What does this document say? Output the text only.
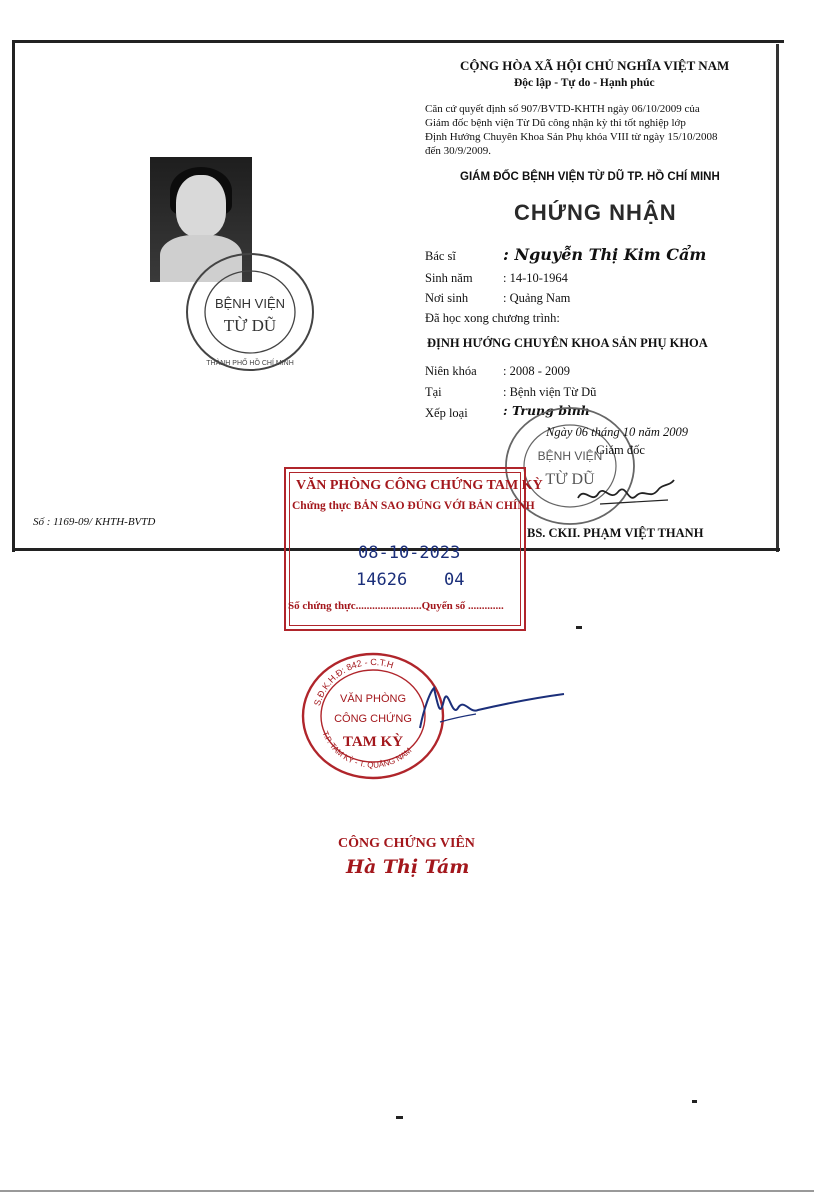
CỘNG HÒA XÃ HỘI CHỦ NGHĨA VIỆT NAM
Độc lập - Tự do - Hạnh phúc
Căn cứ quyết định số 907/BVTD-KHTH ngày 06/10/2009 của
Giám đốc bệnh viện Từ Dũ công nhận kỳ thi tốt nghiệp lớp
Định Hướng Chuyên Khoa Sản Phụ khóa VIII từ ngày 15/10/2008
đến 30/9/2009.
GIÁM ĐỐC BỆNH VIỆN TỪ DŨ TP. HỒ CHÍ MINH
CHỨNG NHẬN
BỆNH VIỆN
TỪ DŨ
THÀNH PHỐ HỒ CHÍ MINH
Bác sĩ	: Nguyễn Thị Kim Cẩm
Sinh năm : 14-10-1964
Nơi sinh	: Quảng Nam
Đã học xong chương trình:
ĐỊNH HƯỚNG CHUYÊN KHOA SẢN PHỤ KHOA
Niên khóa : 2008 - 2009
Tại	: Bệnh viện Từ Dũ
Xếp loại	: Trung bình
BỆNH VIỆN
TỪ DŨ
Ngày 06 tháng 10 năm 2009
Giám đốc
BS. CKII. PHẠM VIỆT THANH
Số : 1169-09/ KHTH-BVTD
VĂN PHÒNG CÔNG CHỨNG TAM KỲ
Chứng thực BẢN SAO ĐÚNG VỚI BẢN CHÍNH
08-10-2023
14626 04
Số chứng thực........................Quyển số .............
S.Đ.K.H.Đ: 842 - C.T.H
T.P. TAM KỲ - T. QUẢNG NAM
VĂN PHÒNG
CÔNG CHỨNG
TAM KỲ
CÔNG CHỨNG VIÊN
Hà Thị Tám
